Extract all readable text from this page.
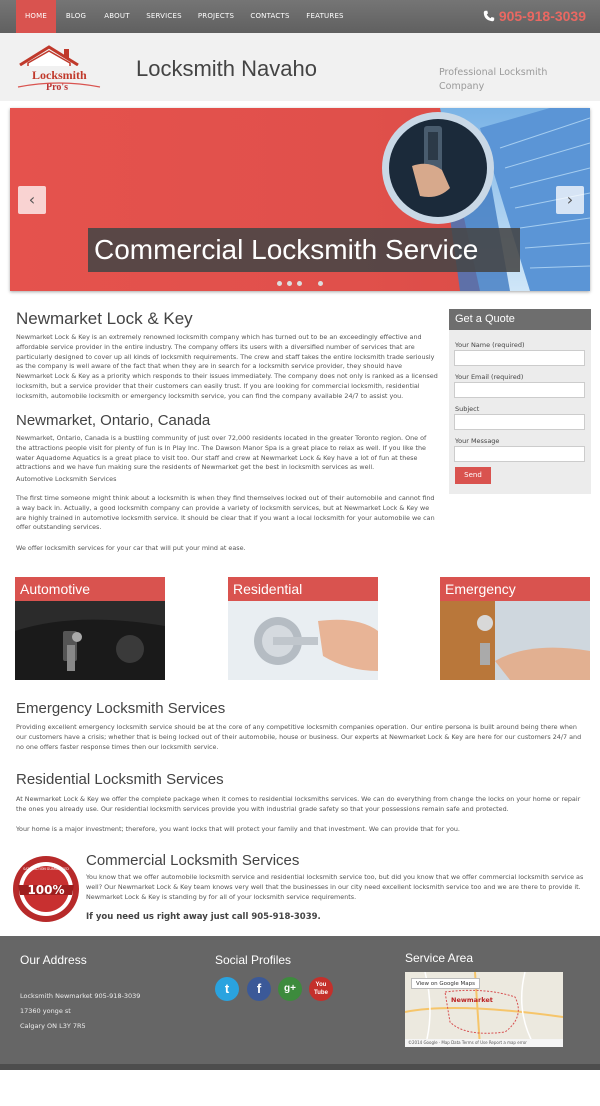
HOME	BLOG	ABOUT	SERVICES	PROJECTS	CONTACTS	FEATURES	905-918-3039
Locksmith
Pro's
Locksmith Navaho	Professional Locksmith Company
‹	›
Commercial Locksmith Service
Newmarket Lock & Key
Newmarket Lock & Key is an extremely renowned locksmith company which has turned out to be an exceedingly effective and affordable service provider in the entire industry. The company offers its users with a diversified number of services that are particularly designed to cover up all kinds of locksmith requirements. The crew and staff takes the entire locksmith trade seriously as the company is well aware of the fact that when they are in search for a locksmith service provider, they should have Newmarket Lock & Key as a priority which responds to their issues immediately. The company does not only is ranked as a licensed locksmith, but a service provider that their customers can easily trust. If you are looking for commercial locksmith, residential locksmith, automobile locksmith or emergency locksmith service, you can find the company available 24/7 to assist you.
Newmarket, Ontario, Canada
Newmarket, Ontario, Canada is a bustling community of just over 72,000 residents located in the greater Toronto region. One of the attractions people visit for plenty of fun is In Play Inc. The Dawson Manor Spa is a great place to relax as well. If you like the water Aquadome Aquatics is a great place to visit too. Our staff and crew at Newmarket Lock & Key have a lot of fun at these attractions and we have fun making sure the residents of Newmarket get the best in locksmith services as well.
Automotive Locksmith Services
The first time someone might think about a locksmith is when they find themselves locked out of their automobile and cannot find a way back in. Actually, a good locksmith company can provide a variety of locksmith services, but at Newmarket Lock & Key we are highly trained in automotive locksmith service. It should be clear that if you want a local locksmith for your automobile we can offer outstanding services.
We offer locksmith services for your car that will put your mind at ease.
Get a Quote
Your Name (required)
Your Email (required)
Subject
Your Message
Send
Automotive	Residential	Emergency
Emergency Locksmith Services
Providing excellent emergency locksmith service should be at the core of any competitive locksmith companies operation. Our entire persona is built around being there when our customers have a crisis; whether that is being locked out of their automobile, house or business. Our experts at Newmarket Lock & Key are here for our customers 24/7 and no one offers faster response times then our locksmith service.
Residential Locksmith Services
At Newmarket Lock & Key we offer the complete package when it comes to residential locksmiths services. We can do everything from change the locks on your home or repair the ones you already use. Our residential locksmith services provide you with industrial grade safety so that your possessions remain safe and protected.
Your home is a major investment; therefore, you want locks that will protect your family and that investment. We can provide that for you.
100%
SATISFACTION GUARANTEED Commercial Locksmith Services
You know that we offer automobile locksmith service and residential locksmith service too, but did you know that we offer commercial locksmith service as well? Our Newmarket Lock & Key team knows very well that the businesses in our city need excellent locksmith service too and we are there to provide it. Newmarket Lock & Key is standing by for all of your locksmith service requirements.
If you need us right away just call 905-918-3039.
Our Address
Locksmith Newmarket 905-918-3039
17360 yonge st
Calgary ON L3Y 7R5
Social Profiles
t	f	g+	You Tube
Service Area
View on Google Maps
Newmarket
©2014 Google · Map Data Terms of Use Report a map error
